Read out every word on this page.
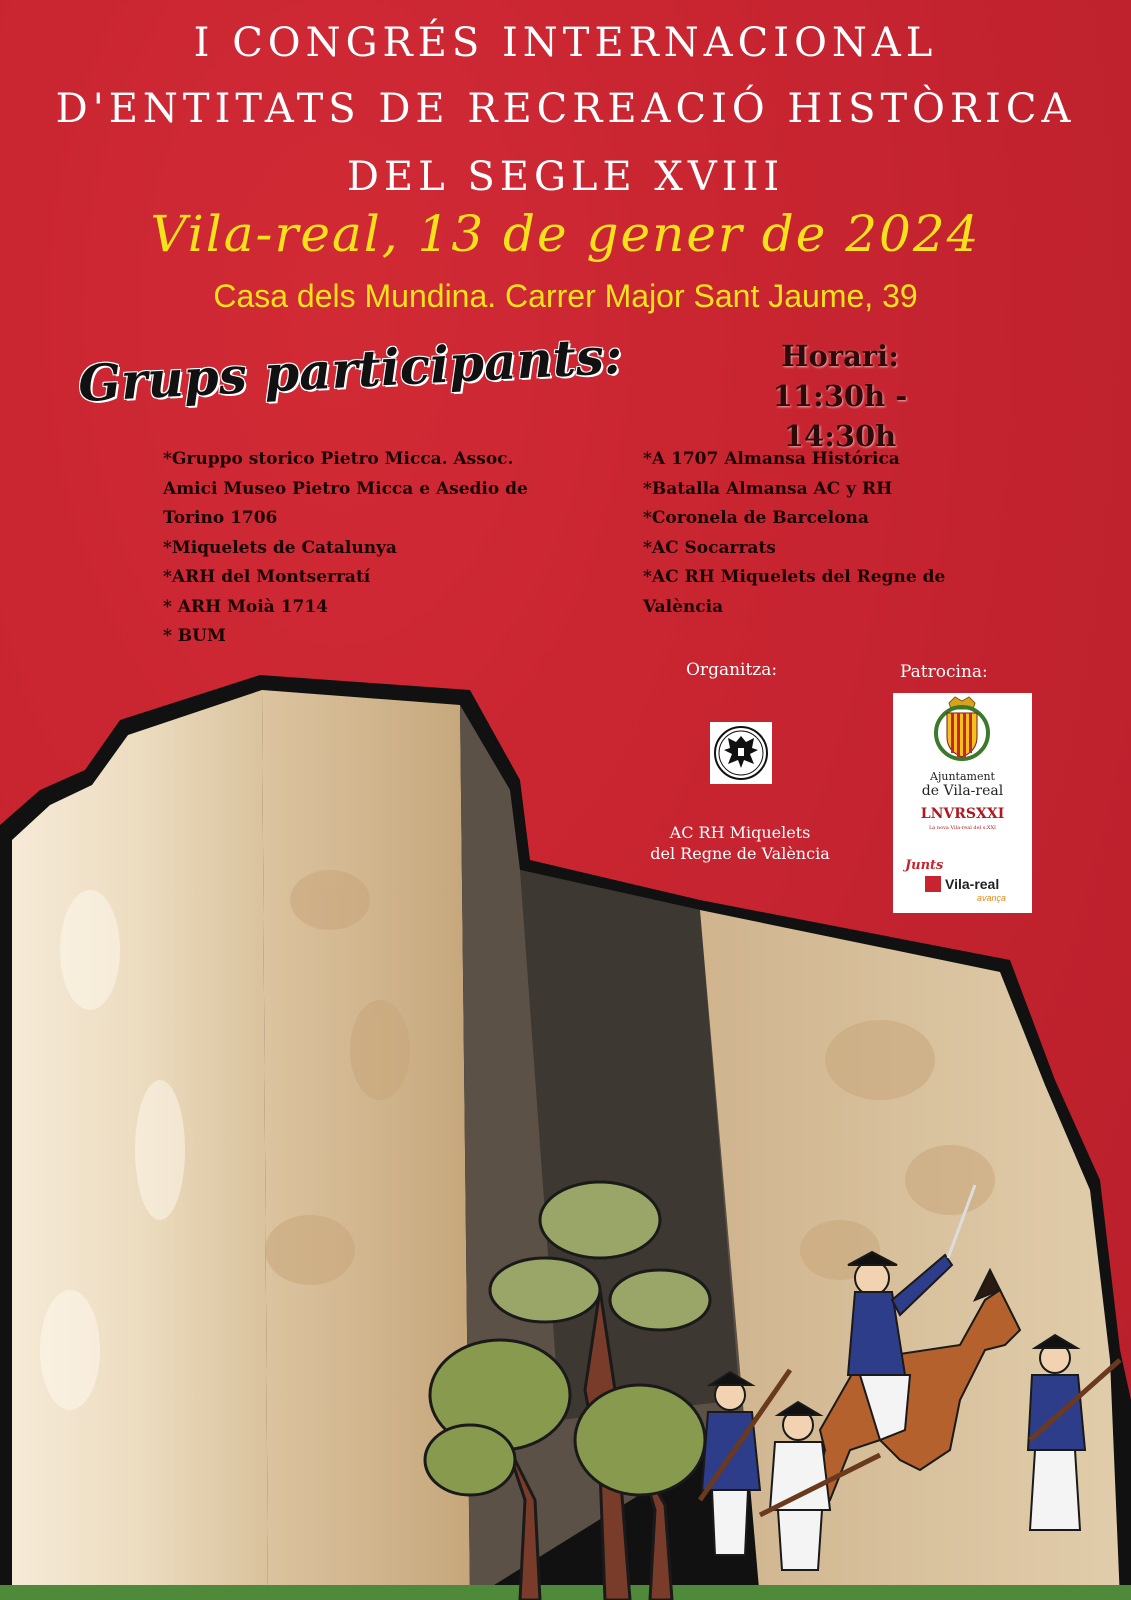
I CONGRÉS INTERNACIONAL
D'ENTITATS DE RECREACIÓ HISTÒRICA
DEL SEGLE XVIII
Vila-real, 13 de gener de 2024
Casa dels Mundina. Carrer Major Sant Jaume, 39
Grups participants:	Horari:
11:30h - 14:30h
*Gruppo storico Pietro Micca. Assoc.
Amici Museo Pietro Micca e Asedio de
Torino 1706
*Miquelets de Catalunya
*ARH del Montserratí
* ARH Moià 1714
* BUM
*A 1707 Almansa Histórica
*Batalla Almansa AC y RH
*Coronela de Barcelona
*AC Socarrats
*AC RH Miquelets del Regne de
València
Organitza:	Patrocina:
AC RH Miquelets
del Regne de València
Ajuntament
de Vila-real
LNVRSXXI
La nova Vila-real del s.XXI
Junts
Vila-real
avança
